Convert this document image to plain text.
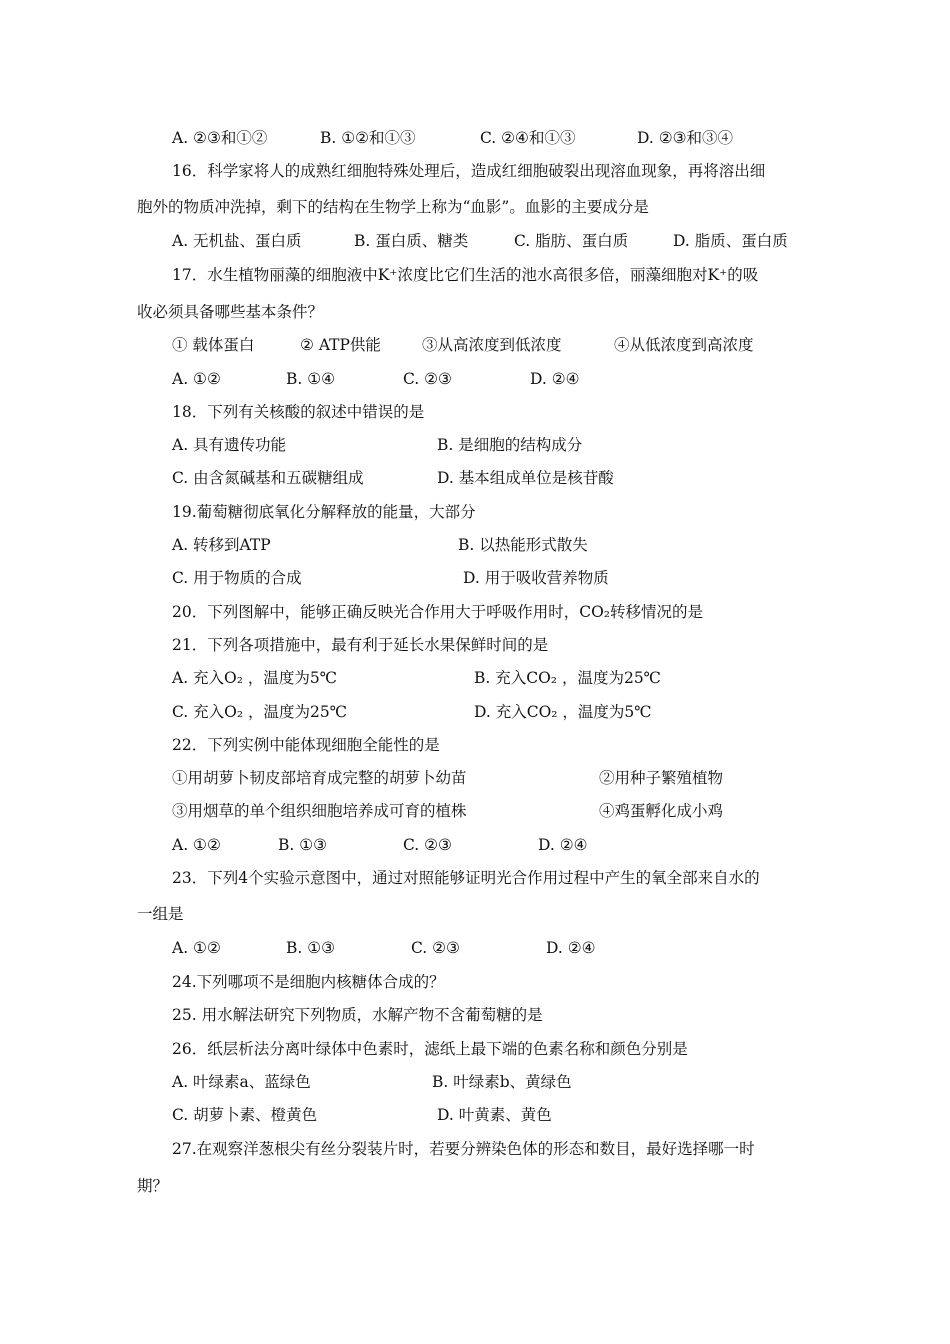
A. ②③和①②	B. ①②和①③	C. ②④和①③	D. ②③和③④
16．科学家将人的成熟红细胞特殊处理后，造成红细胞破裂出现溶血现象，再将溶出细
胞外的物质冲洗掉，剩下的结构在生物学上称为“血影”。血影的主要成分是
A. 无机盐、蛋白质	B. 蛋白质、糖类	C. 脂肪、蛋白质	D. 脂质、蛋白质
17．水生植物丽藻的细胞液中K⁺浓度比它们生活的池水高很多倍，丽藻细胞对K⁺的吸
收必须具备哪些基本条件？
① 载体蛋白	② ATP供能	③从高浓度到低浓度	④从低浓度到高浓度
A. ①②	B. ①④	C. ②③	D. ②④
18．下列有关核酸的叙述中错误的是
A. 具有遗传功能	B. 是细胞的结构成分
C. 由含氮碱基和五碳糖组成	D. 基本组成单位是核苷酸
19.葡萄糖彻底氧化分解释放的能量，大部分
A. 转移到ATP	B. 以热能形式散失
C. 用于物质的合成	D. 用于吸收营养物质
20．下列图解中，能够正确反映光合作用大于呼吸作用时，CO₂转移情况的是
21．下列各项措施中，最有利于延长水果保鲜时间的是
A. 充入O₂ ，温度为5℃	B. 充入CO₂ ，温度为25℃
C. 充入O₂ ，温度为25℃	D. 充入CO₂ ，温度为5℃
22．下列实例中能体现细胞全能性的是
①用胡萝卜韧皮部培育成完整的胡萝卜幼苗	②用种子繁殖植物
③用烟草的单个组织细胞培养成可育的植株	④鸡蛋孵化成小鸡
A. ①②	B. ①③	C. ②③	D. ②④
23．下列4个实验示意图中，通过对照能够证明光合作用过程中产生的氧全部来自水的
一组是
A. ①②	B. ①③	C. ②③	D. ②④
24.下列哪项不是细胞内核糖体合成的？
25. 用水解法研究下列物质，水解产物不含葡萄糖的是
26．纸层析法分离叶绿体中色素时，滤纸上最下端的色素名称和颜色分别是
A. 叶绿素a、蓝绿色	B. 叶绿素b、黄绿色
C. 胡萝卜素、橙黄色	D. 叶黄素、黄色
27.在观察洋葱根尖有丝分裂装片时，若要分辨染色体的形态和数目，最好选择哪一时
期？
